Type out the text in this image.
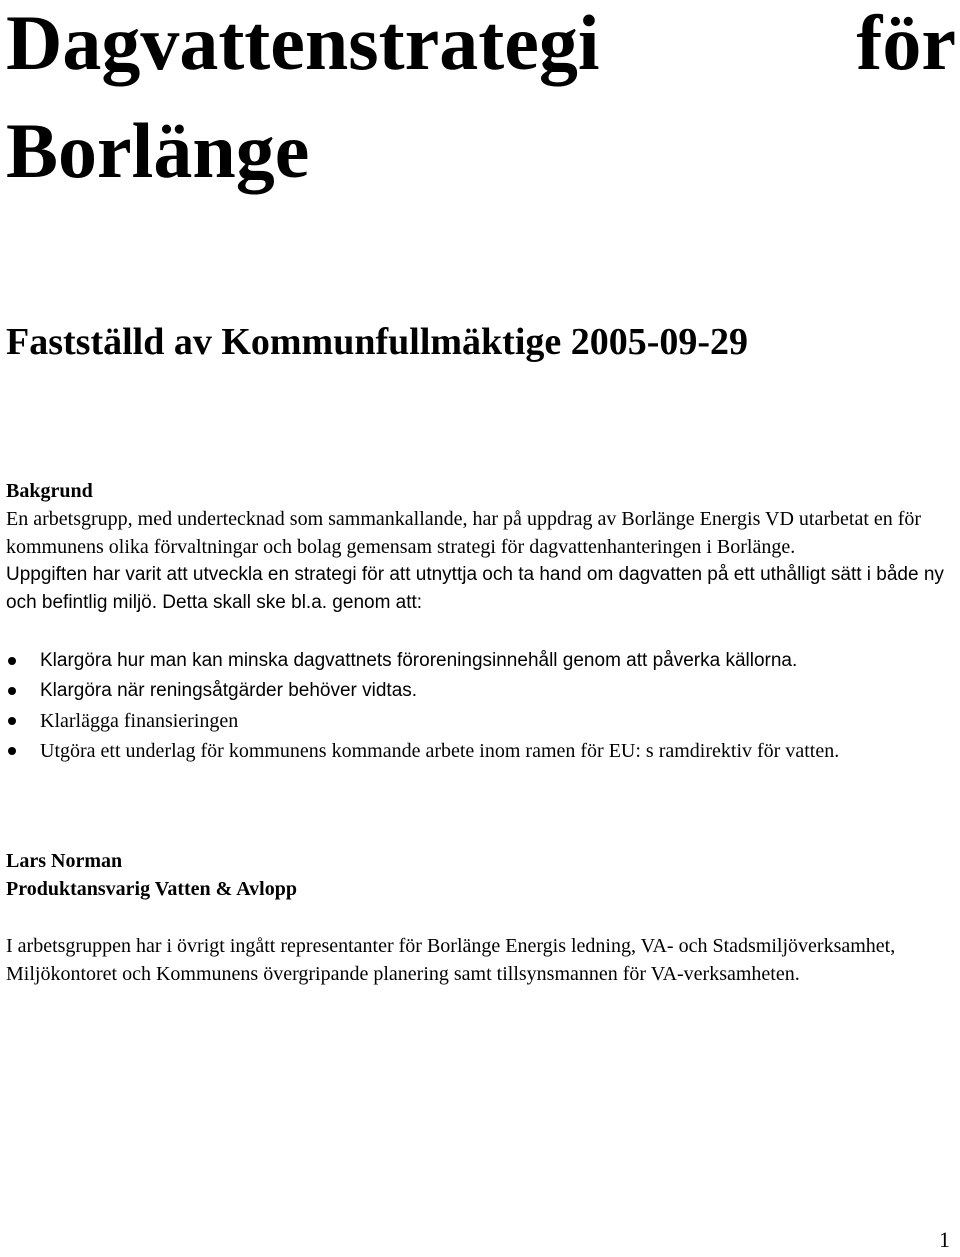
Dagvattenstrategi	för
Borlänge
Fastställd av Kommunfullmäktige 2005-09-29
Bakgrund
En arbetsgrupp, med undertecknad som sammankallande, har på uppdrag av Borlänge Energis VD utarbetat en för kommunens olika förvaltningar och bolag gemensam strategi för dagvattenhanteringen i Borlänge.
Uppgiften har varit att utveckla en strategi för att utnyttja och ta hand om dagvatten på ett uthålligt sätt i både ny och befintlig miljö. Detta skall ske bl.a. genom att:
Klargöra hur man kan minska dagvattnets föroreningsinnehåll genom att påverka källorna.
Klargöra när reningsåtgärder behöver vidtas.
Klarlägga finansieringen
Utgöra ett underlag för kommunens kommande arbete inom ramen för EU: s ramdirektiv för vatten.
Lars Norman
Produktansvarig Vatten & Avlopp
I arbetsgruppen har i övrigt ingått representanter för Borlänge Energis ledning, VA- och Stadsmiljöverksamhet, Miljökontoret och Kommunens övergripande planering samt tillsynsmannen för VA-verksamheten.
1
